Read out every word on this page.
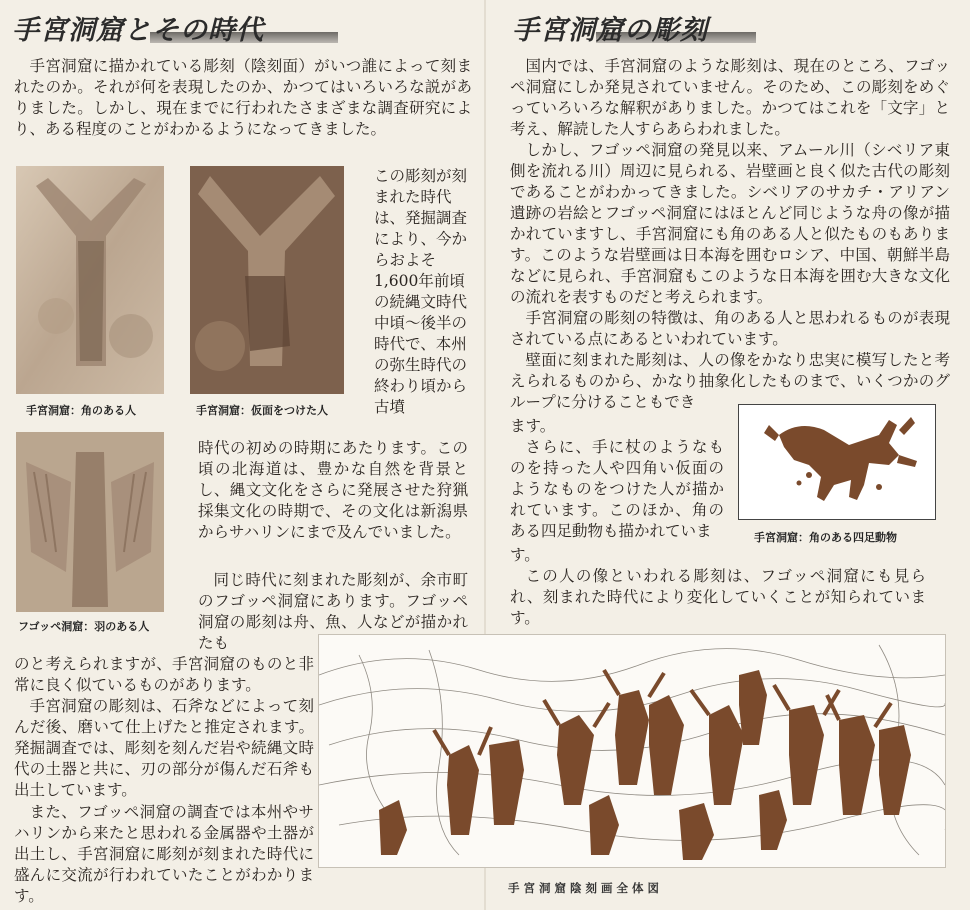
手宮洞窟とその時代

手宮洞窟に描かれている彫刻（陰刻面）がいつ誰によって刻まれたのか。それが何を表現したのか、かつてはいろいろな説がありました。しかし、現在までに行われたさまざまな調査研究により、ある程度のことがわかるようになってきました。

手宮洞窟：角のある人	手宮洞窟：仮面をつけた人

この彫刻が刻まれた時代は、発掘調査により、今からおよそ1,600年前頃の続縄文時代中頃～後半の時代で、本州の弥生時代の終わり頃から古墳

フゴッペ洞窟：羽のある人

時代の初めの時期にあたります。この頃の北海道は、豊かな自然を背景とし、縄文文化をさらに発展させた狩猟採集文化の時期で、その文化は新潟県からサハリンにまで及んでいました。

同じ時代に刻まれた彫刻が、余市町のフゴッペ洞窟にあります。フゴッペ洞窟の彫刻は舟、魚、人などが描かれたも

のと考えられますが、手宮洞窟のものと非常に良く似ているものがあります。

手宮洞窟の彫刻は、石斧などによって刻んだ後、磨いて仕上げたと推定されます。発掘調査では、彫刻を刻んだ岩や続縄文時代の土器と共に、刃の部分が傷んだ石斧も出土しています。

また、フゴッペ洞窟の調査では本州やサハリンから来たと思われる金属器や土器が出土し、手宮洞窟に彫刻が刻まれた時代に盛んに交流が行われていたことがわかります。

手宮洞窟の彫刻

国内では、手宮洞窟のような彫刻は、現在のところ、フゴッペ洞窟にしか発見されていません。そのため、この彫刻をめぐっていろいろな解釈がありました。かつてはこれを「文字」と考え、解読した人すらあらわれました。

しかし、フゴッペ洞窟の発見以来、アムール川（シベリア東側を流れる川）周辺に見られる、岩壁画と良く似た古代の彫刻であることがわかってきました。シベリアのサカチ・アリアン遺跡の岩絵とフゴッペ洞窟にはほとんど同じような舟の像が描かれていますし、手宮洞窟にも角のある人と似たものもあります。このような岩壁画は日本海を囲むロシア、中国、朝鮮半島などに見られ、手宮洞窟もこのような日本海を囲む大きな文化の流れを表すものだと考えられます。

手宮洞窟の彫刻の特徴は、角のある人と思われるものが表現されている点にあるといわれています。

壁面に刻まれた彫刻は、人の像をかなり忠実に模写したと考えられるものから、かなり抽象化したものまで、いくつかのグループに分けることもでき

ます。

さらに、手に杖のようなものを持った人や四角い仮面のようなものをつけた人が描かれています。このほか、角のある四足動物も描かれていま

す。

手宮洞窟：角のある四足動物

この人の像といわれる彫刻は、フゴッペ洞窟にも見られ、刻まれた時代により変化していくことが知られています。

手宮洞窟陰刻画全体図
